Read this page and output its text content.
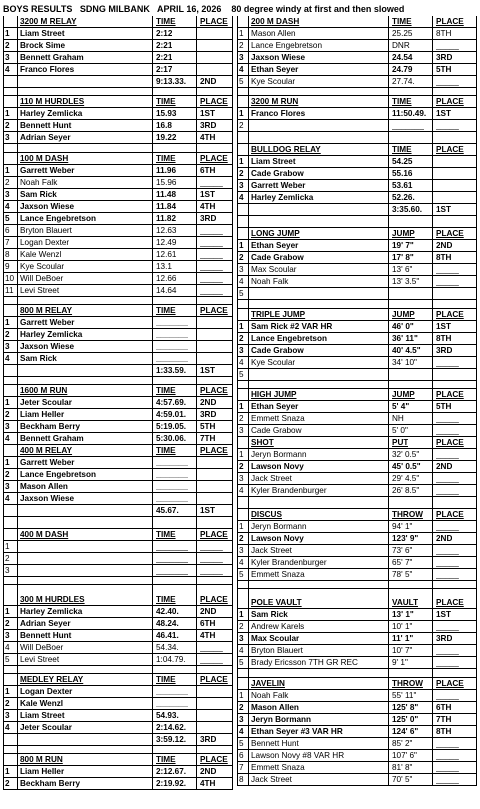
BOYS RESULTS   SDNG MILBANK   APRIL 16, 2026    80 degree windy at first and then slowed
3200 M RELAY	TIME	PLACE
1 Liam Street	2:12
2 Brock Sime	2:21
3 Bennett Graham	2:21
4 Franco Flores	2:17
9:13.33. 2ND
110 M HURDLES	TIME	PLACE
1 Harley Zemlicka	15.93	1ST
2 Bennett Hunt	16.8	3RD
3 Adrian Seyer	19.22	4TH
100 M DASH	TIME	PLACE
1 Garrett Weber	11.96	6TH
2 Noah Falk	15.96	_____
3 Sam Rick	11.48	1ST
4 Jaxson Wiese	11.84	4TH
5 Lance Engebretson	11.82	3RD
6 Bryton Blauert	12.63	_____
7 Logan Dexter	12.49	_____
8 Kale Wenzl	12.61	_____
9 Kye Scoular	13.1	_____
10 Will DeBoer	12.66	_____
11 Levi Street	14.64	_____
800 M RELAY	TIME	PLACE
1 Garrett Weber	_______
2 Harley Zemlicka	_______
3 Jaxson Wiese	_______
4 Sam Rick	_______
1:33.59. 1ST
1600 M RUN	TIME	PLACE
1 Jeter Scoular	4:57.69. 2ND
2 Liam Heller	4:59.01. 3RD
3 Beckham Berry	5:19.05. 5TH
4 Bennett Graham	5:30.06. 7TH
400 M RELAY	TIME	PLACE
1 Garrett Weber	_______
2 Lance Engebretson	_______
3 Mason Allen	_______
4 Jaxson Wiese	_______
45.67.	1ST
400 M DASH	TIME	PLACE
1	_______ _____
2	_______ _____
3	_______ _____
300 M HURDLES	TIME	PLACE
1 Harley Zemlicka	42.40.	2ND
2 Adrian Seyer	48.24.	6TH
3 Bennett Hunt	46.41.	4TH
4 Will DeBoer	54.34.	_____
5 Levi Street	1:04.79. _____
MEDLEY RELAY	TIME	PLACE
1 Logan Dexter	_______
2 Kale Wenzl	_______
3 Liam Street	54.93.
4 Jeter Scoular	2:14.62.
3:59.12. 3RD
800 M RUN	TIME	PLACE
1 Liam Heller	2:12.67. 2ND
2 Beckham Berry	2:19.92. 4TH
200 M DASH	TIME	PLACE
1 Mason Allen	25.25	8TH
2 Lance Engebretson	DNR	_____
3 Jaxson Wiese	24.54	3RD
4 Ethan Seyer	24.79	5TH
5 Kye Scoular	27.74.	_____
3200 M RUN	TIME	PLACE
1 Franco Flores	11:50.49. 1ST
2	_______ _____
BULLDOG RELAY	TIME	PLACE
1 Liam Street	54.25
2 Cade Grabow	55.16
3 Garrett Weber	53.61
4 Harley Zemlicka	52.26.
3:35.60. 1ST
LONG JUMP	JUMP	PLACE
1 Ethan Seyer	19' 7"	2ND
2 Cade Grabow	17' 8"	8TH
3 Max Scoular	13' 6"	_____
4 Noah Falk	13' 3.5" _____
5
TRIPLE JUMP	JUMP	PLACE
1 Sam Rick #2 VAR HR	46' 0"	1ST
2 Lance Engebretson	36' 11" 8TH
3 Cade Grabow	40' 4.5" 3RD
4 Kye Scoular	34' 10" _____
5
HIGH JUMP	JUMP	PLACE
1 Ethan Seyer	5' 4"	5TH
2 Emmett Snaza	NH	_____
3 Cade Grabow	5' 0"	_____
SHOT	PUT	PLACE
1 Jeryn Bormann	32' 0.5" _____
2 Lawson Novy	45' 0.5" 2ND
3 Jack Street	29' 4.5" _____
4 Kyler Brandenburger	26' 8.5" _____
DISCUS	THROW PLACE
1 Jeryn Bormann	94' 1"	_____
2 Lawson Novy	123' 9" 2ND
3 Jack Street	73' 6"	_____
4 Kyler Brandenburger	65' 7"	_____
5 Emmett Snaza	78' 5"	_____
POLE VAULT	VAULT PLACE
1 Sam Rick	13' 1"	1ST
2 Andrew Karels	10' 1"	_____
3 Max Scoular	11' 1"	3RD
4 Bryton Blauert	10' 7"	_____
5 Brady Ericsson 7TH GR REC	9' 1"	_____
JAVELIN	THROW PLACE
1 Noah Falk	55' 11" _____
2 Mason Allen	125' 8" 6TH
3 Jeryn Bormann	125' 0" 7TH
4 Ethan Seyer #3 VAR HR	124' 6" 8TH
5 Bennett Hunt	85' 2"	_____
6 Lawson Novy #8 VAR HR	107' 6" _____
7 Emmett Snaza	81' 8"	_____
8 Jack Street	70' 5"	_____
